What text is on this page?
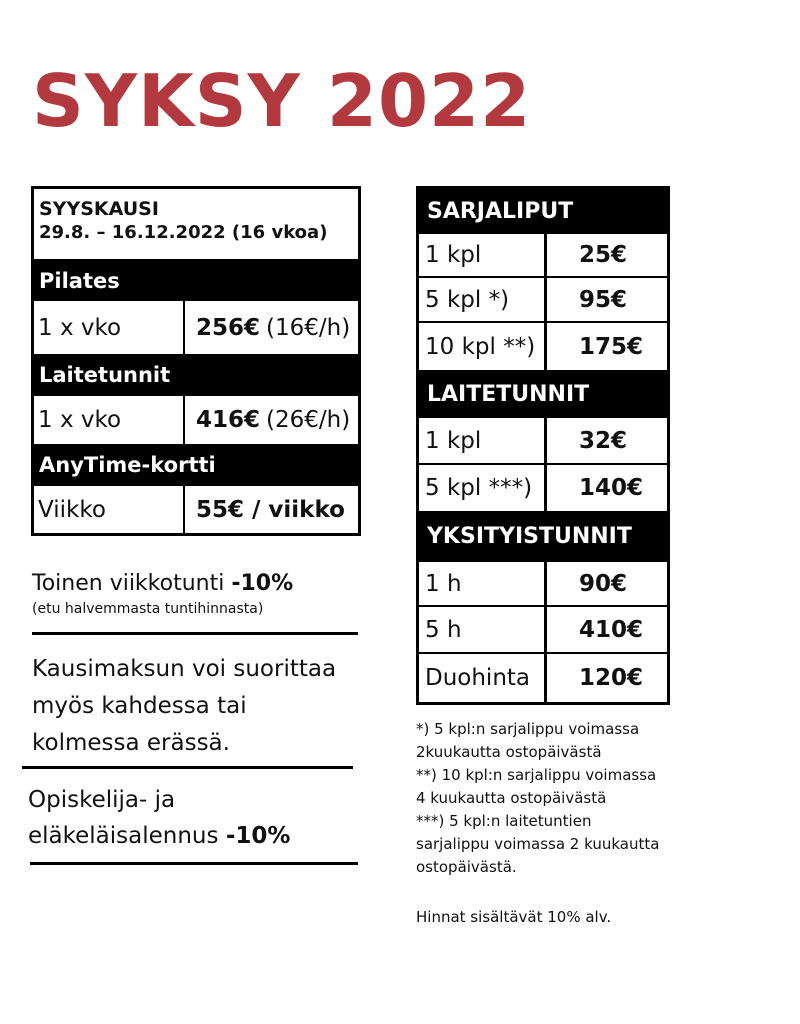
SYKSY 2022
SYYSKAUSI
29.8. – 16.12.2022 (16 vkoa)
Pilates
1 x vko	256€ (16€/h)
Laitetunnit
1 x vko	416€ (26€/h)
AnyTime-kortti
Viikko	55€ / viikko

Toinen viikkotunti -10%

(etu halvemmasta tuntihinnasta)

Kausimaksun voi suorittaa
myös kahdessa tai
kolmessa erässä.
Opiskelija- ja
eläkeläisalennus -10%
SARJALIPUT
1 kpl	25€
5 kpl *)	95€
10 kpl **)	175€
LAITETUNNIT
1 kpl	32€
5 kpl ***)	140€
YKSITYISTUNNIT
1 h	90€
5 h	410€
Duohinta	120€

*) 5 kpl:n sarjalippu voimassa

2kuukautta ostopäivästä

**) 10 kpl:n sarjalippu voimassa

4 kuukautta ostopäivästä

***) 5 kpl:n laitetuntien

sarjalippu voimassa 2 kuukautta

ostopäivästä.

Hinnat sisältävät 10% alv.
